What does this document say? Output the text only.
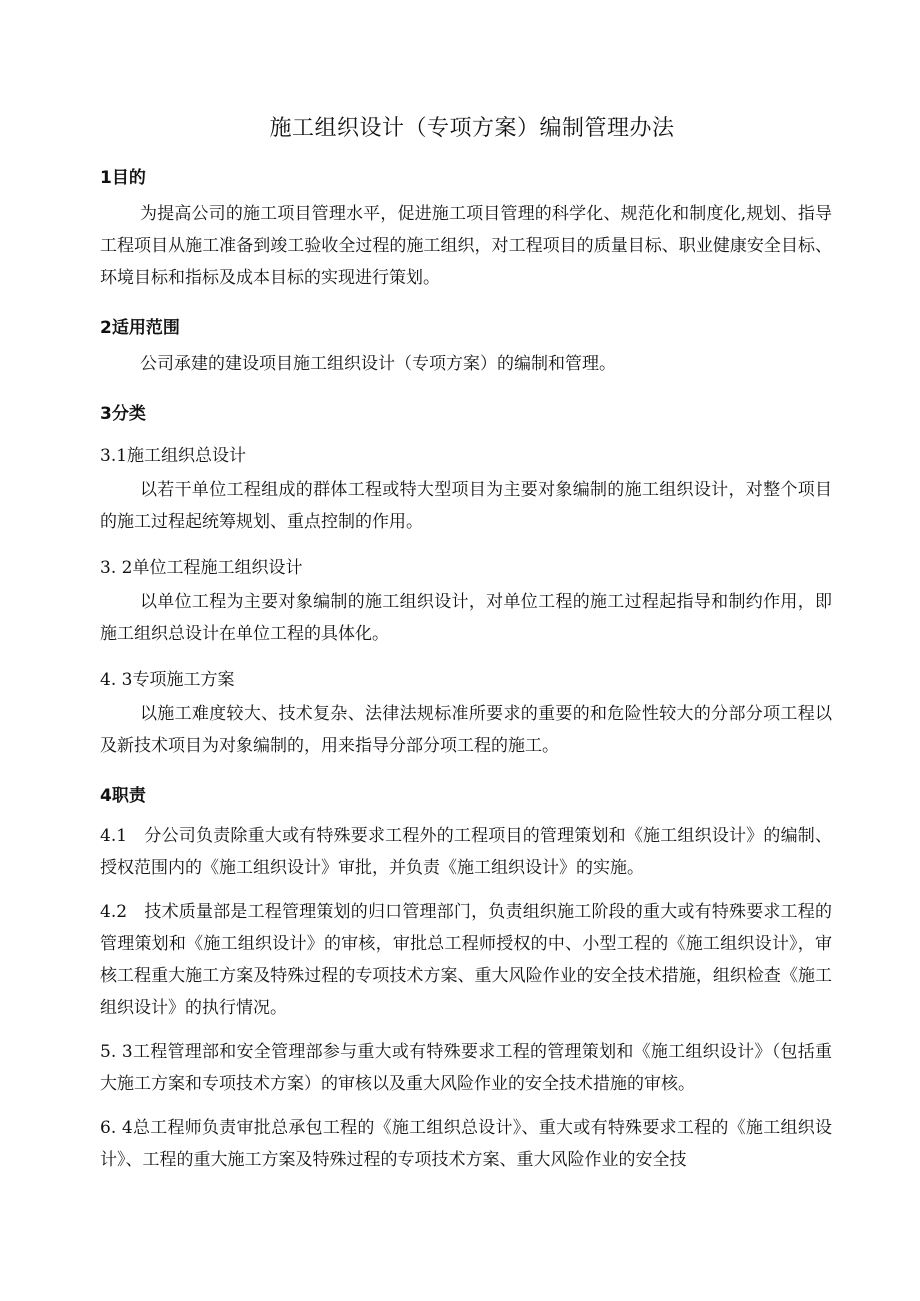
施工组织设计（专项方案）编制管理办法

1目的

为提高公司的施工项目管理水平，促进施工项目管理的科学化、规范化和制度化,规划、指导工程项目从施工准备到竣工验收全过程的施工组织，对工程项目的质量目标、职业健康安全目标、环境目标和指标及成本目标的实现进行策划。

2适用范围

公司承建的建设项目施工组织设计（专项方案）的编制和管理。

3分类

3.1施工组织总设计

以若干单位工程组成的群体工程或特大型项目为主要对象编制的施工组织设计，对整个项目的施工过程起统筹规划、重点控制的作用。

3. 2单位工程施工组织设计

以单位工程为主要对象编制的施工组织设计，对单位工程的施工过程起指导和制约作用，即施工组织总设计在单位工程的具体化。

4. 3专项施工方案

以施工难度较大、技术复杂、法律法规标准所要求的重要的和危险性较大的分部分项工程以及新技术项目为对象编制的，用来指导分部分项工程的施工。

4职责

4.1　分公司负责除重大或有特殊要求工程外的工程项目的管理策划和《施工组织设计》的编制、授权范围内的《施工组织设计》审批，并负责《施工组织设计》的实施。

4.2　技术质量部是工程管理策划的归口管理部门，负责组织施工阶段的重大或有特殊要求工程的管理策划和《施工组织设计》的审核，审批总工程师授权的中、小型工程的《施工组织设计》，审核工程重大施工方案及特殊过程的专项技术方案、重大风险作业的安全技术措施，组织检查《施工组织设计》的执行情况。

5. 3工程管理部和安全管理部参与重大或有特殊要求工程的管理策划和《施工组织设计》（包括重大施工方案和专项技术方案）的审核以及重大风险作业的安全技术措施的审核。

6. 4总工程师负责审批总承包工程的《施工组织总设计》、重大或有特殊要求工程的《施工组织设计》、工程的重大施工方案及特殊过程的专项技术方案、重大风险作业的安全技
